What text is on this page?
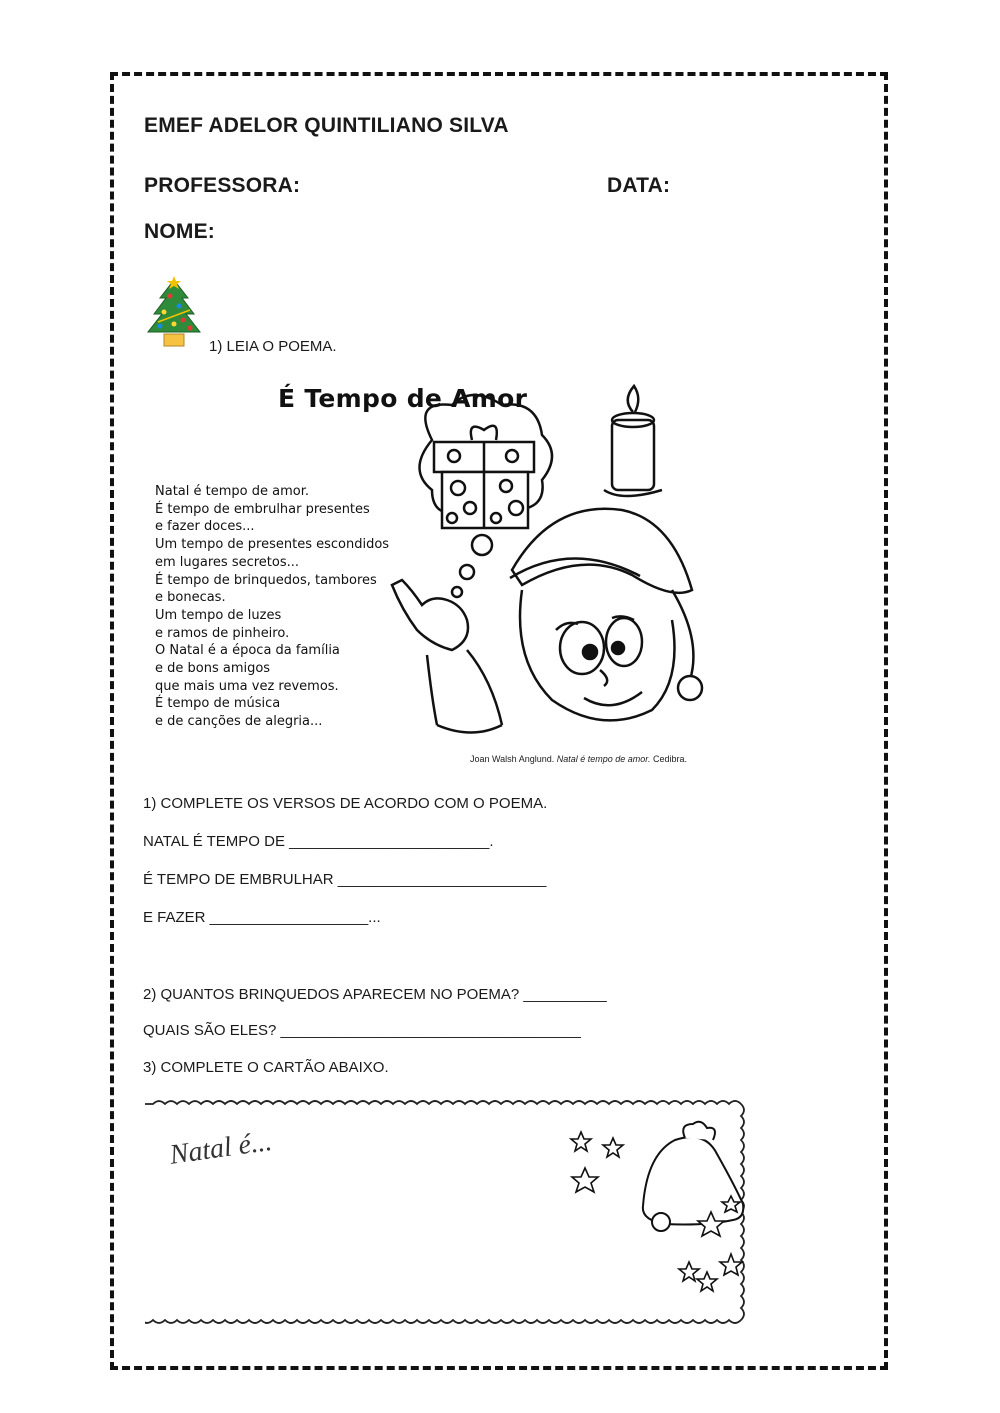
EMEF ADELOR QUINTILIANO SILVA
PROFESSORA:	DATA:
NOME:
1) LEIA O POEMA.
É Tempo de Amor
Natal é tempo de amor.
É tempo de embrulhar presentes
e fazer doces...
Um tempo de presentes escondidos
em lugares secretos...
É tempo de brinquedos, tambores
e bonecas.
Um tempo de luzes
e ramos de pinheiro.
O Natal é a época da família
e de bons amigos
que mais uma vez revemos.
É tempo de música
e de canções de alegria...
Joan Walsh Anglund. Natal é tempo de amor. Cedibra.
1) COMPLETE OS VERSOS DE ACORDO COM O POEMA.
NATAL É TEMPO DE ________________________.
É TEMPO DE EMBRULHAR _________________________
E FAZER ___________________...
2) QUANTOS BRINQUEDOS APARECEM NO POEMA? __________
QUAIS SÃO ELES? ____________________________________
3) COMPLETE O CARTÃO ABAIXO.
Natal é...
